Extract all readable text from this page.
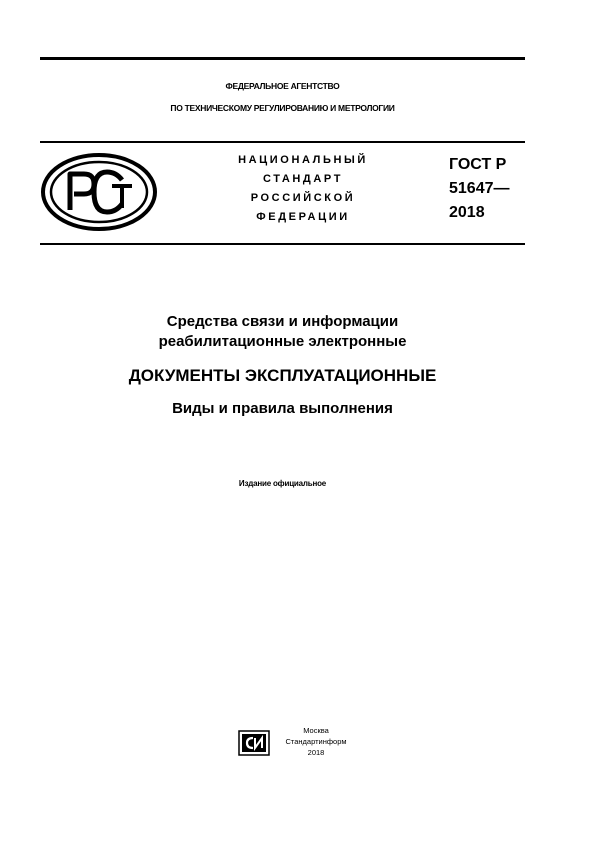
ФЕДЕРАЛЬНОЕ АГЕНТСТВО
ПО ТЕХНИЧЕСКОМУ РЕГУЛИРОВАНИЮ И МЕТРОЛОГИИ
НАЦИОНАЛЬНЫЙ
СТАНДАРТ
РОССИЙСКОЙ
ФЕДЕРАЦИИ
ГОСТ Р
51647—
2018
Средства связи и информации
реабилитационные электронные
ДОКУМЕНТЫ ЭКСПЛУАТАЦИОННЫЕ
Виды и правила выполнения
Издание официальное
Москва
Стандартинформ
2018
